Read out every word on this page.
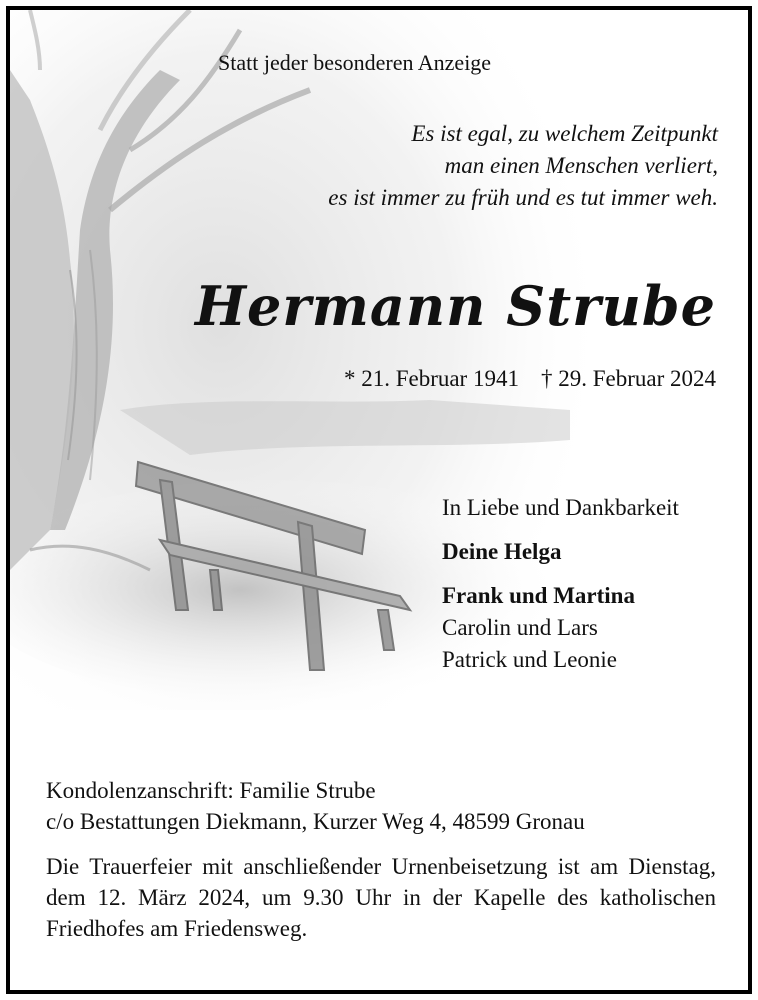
Statt jeder besonderen Anzeige
Es ist egal, zu welchem Zeitpunkt
man einen Menschen verliert,
es ist immer zu früh und es tut immer weh.
Hermann Strube
* 21. Februar 1941 † 29. Februar 2024
In Liebe und Dankbarkeit
Deine Helga
Frank und Martina
Carolin und Lars
Patrick und Leonie
Kondolenzanschrift: Familie Strube
c/o Bestattungen Diekmann, Kurzer Weg 4, 48599 Gronau
Die Trauerfeier mit anschließender Urnenbeisetzung ist am Dienstag, dem 12. März 2024, um 9.30 Uhr in der Kapelle des katholischen Friedhofes am Friedensweg.
